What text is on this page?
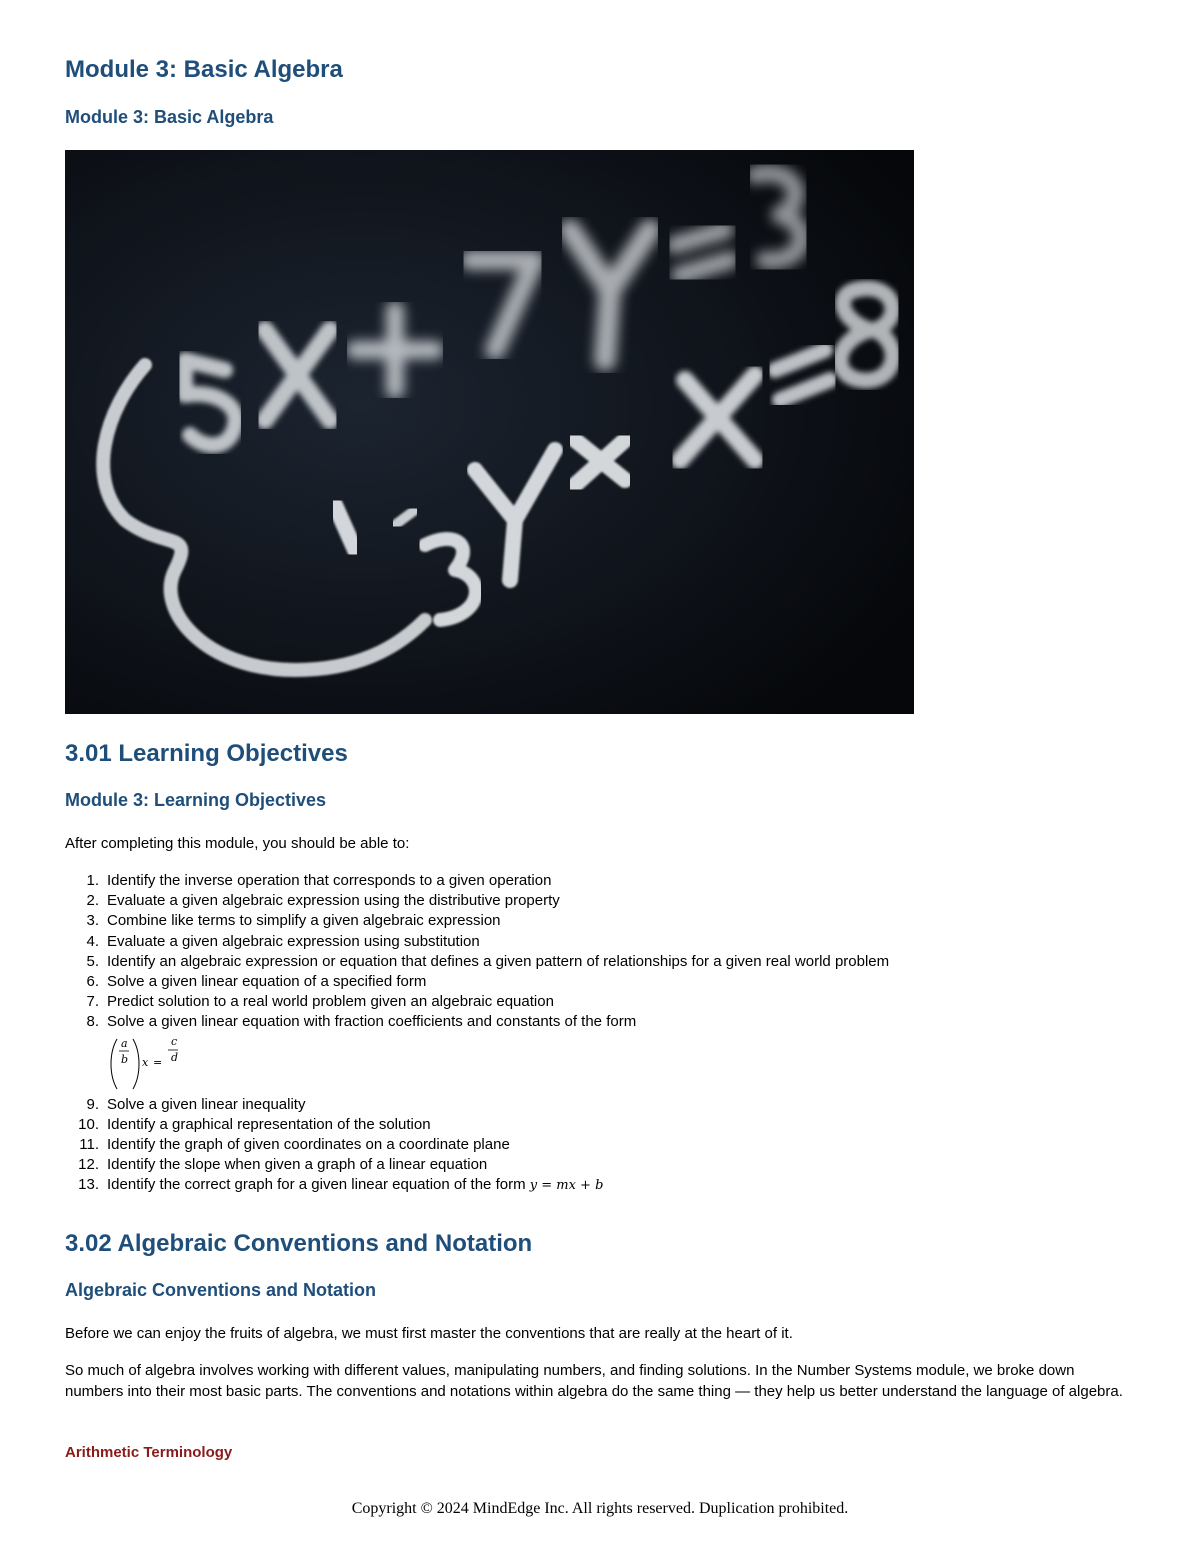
Module 3: Basic Algebra
Module 3: Basic Algebra
3.01 Learning Objectives
Module 3: Learning Objectives

After completing this module, you should be able to:

1. Identify the inverse operation that corresponds to a given operation
2. Evaluate a given algebraic expression using the distributive property
3. Combine like terms to simplify a given algebraic expression
4. Evaluate a given algebraic expression using substitution
5. Identify an algebraic expression or equation that defines a given pattern of relationships for a given real world problem
6. Solve a given linear equation of a specified form
7. Predict solution to a real world problem given an algebraic equation
8. Solve a given linear equation with fraction coefficients and constants of the form
a
b x =
c
d
9. Solve a given linear inequality
10. Identify a graphical representation of the solution
11. Identify the graph of given coordinates on a coordinate plane
12. Identify the slope when given a graph of a linear equation
13. Identify the correct graph for a given linear equation of the form y = mx + b
3.02 Algebraic Conventions and Notation
Algebraic Conventions and Notation

Before we can enjoy the fruits of algebra, we must first master the conventions that are really at the heart of it.

So much of algebra involves working with different values, manipulating numbers, and finding solutions. In the Number Systems module, we broke down numbers into their most basic parts. The conventions and notations within algebra do the same thing — they help us better understand the language of algebra.

Arithmetic Terminology
Copyright © 2024 MindEdge Inc. All rights reserved. Duplication prohibited.
